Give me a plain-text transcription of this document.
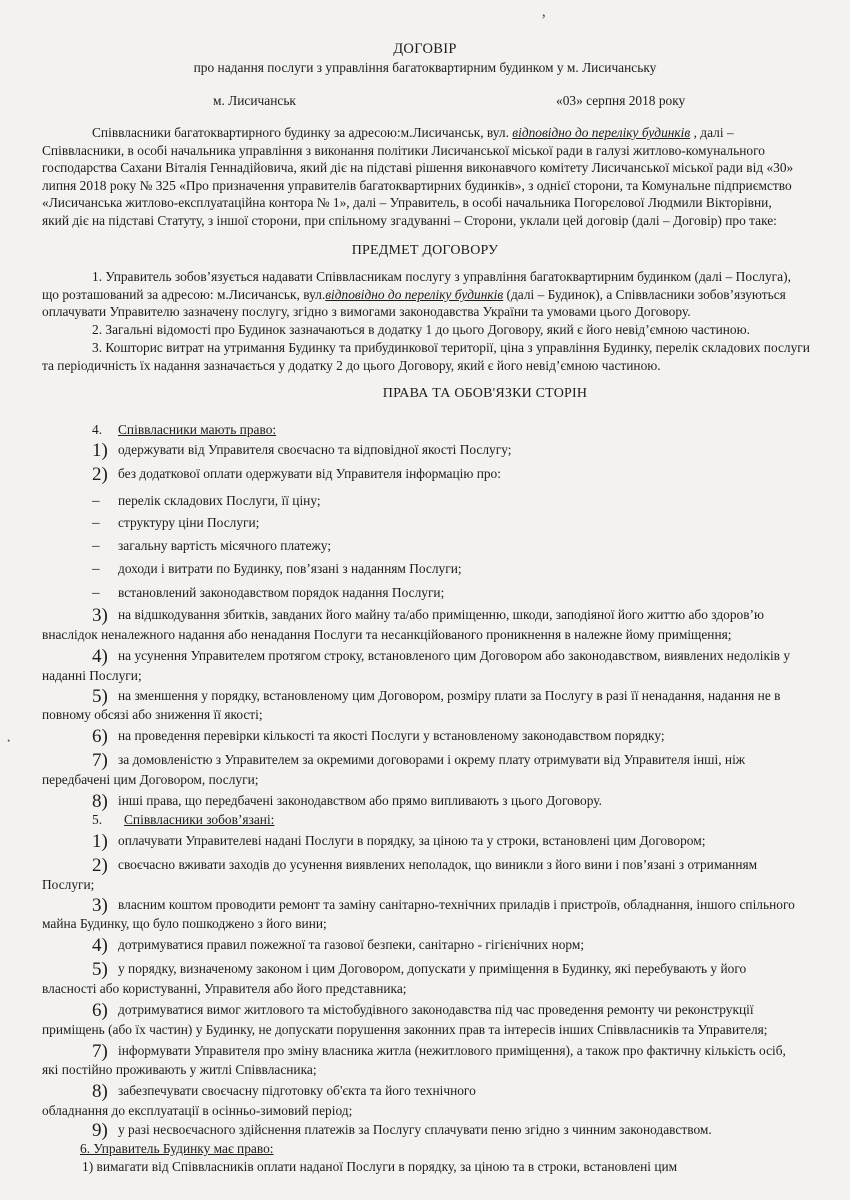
ДОГОВІР
про надання послуги з управління багатоквартирним будинком у м. Лисичанську
м. Лисичанськ	«03» серпня 2018 року
Співвласники багатоквартирного будинку за адресою:м.Лисичанськ, вул. відповідно до переліку будинків , далі –
Співвласники, в особі начальника управління з виконання політики Лисичанської міської ради в галузі житлово-комунального
господарства Сахани Віталія Геннадійовича, який діє на підставі рішення виконавчого комітету Лисичанської міської ради від «30»
липня 2018 року № 325 «Про призначення управителів багатоквартирних будинків», з однієї сторони, та Комунальне підприємство
«Лисичанська житлово-експлуатаційна контора № 1», далі – Управитель, в особі начальника Погорєлової Людмили Вікторівни,
який діє на підставі Статуту, з іншої сторони, при спільному згадуванні – Сторони, уклали цей договір (далі – Договір) про таке:
ПРЕДМЕТ ДОГОВОРУ
1. Управитель зобов’язується надавати Співвласникам послугу з управління багатоквартирним будинком (далі – Послуга),
що розташований за адресою: м.Лисичанськ, вул.відповідно до переліку будинків (далі – Будинок), а Співвласники зобов’язуються
оплачувати Управителю зазначену послугу, згідно з вимогами законодавства України та умовами цього Договору.
2. Загальні відомості про Будинок зазначаються в додатку 1 до цього Договору, який є його невід’ємною частиною.
3. Кошторис витрат на утримання Будинку та прибудинкової території, ціна з управління Будинку, перелік складових послуги
та періодичність їх надання зазначається у додатку 2 до цього Договору, який є його невід’ємною частиною.
ПРАВА ТА ОБОВ'ЯЗКИ СТОРІН
4. Співвласники мають право:
1) одержувати від Управителя своєчасно та відповідної якості Послугу;
2) без додаткової оплати одержувати від Управителя інформацію про:
– перелік складових Послуги, її ціну;
– структуру ціни Послуги;
– загальну вартість місячного платежу;
– доходи і витрати по Будинку, пов’язані з наданням Послуги;
– встановлений законодавством порядок надання Послуги;
3) на відшкодування збитків, завданих його майну та/або приміщенню, шкоди, заподіяної його життю або здоров’ю
внаслідок неналежного надання або ненадання Послуги та несанкційованого проникнення в належне йому приміщення;
4) на усунення Управителем протягом строку, встановленого цим Договором або законодавством, виявлених недоліків у
наданні Послуги;
5) на зменшення у порядку, встановленому цим Договором, розміру плати за Послугу в разі її ненадання, надання не в
повному обсязі або зниження її якості;
6) на проведення перевірки кількості та якості Послуги у встановленому законодавством порядку;
7) за домовленістю з Управителем за окремими договорами і окрему плату отримувати від Управителя інші, ніж
передбачені цим Договором, послуги;
8) інші права, що передбачені законодавством або прямо випливають з цього Договору.
5. Співвласники зобов’язані:
1) оплачувати Управителеві надані Послуги в порядку, за ціною та у строки, встановлені цим Договором;
2) своєчасно вживати заходів до усунення виявлених неполадок, що виникли з його вини і пов’язані з отриманням
Послуги;
3) власним коштом проводити ремонт та заміну санітарно-технічних приладів і пристроїв, обладнання, іншого спільного
майна Будинку, що було пошкоджено з його вини;
4) дотримуватися правил пожежної та газової безпеки, санітарно - гігієнічних норм;
5) у порядку, визначеному законом і цим Договором, допускати у приміщення в Будинку, які перебувають у його
власності або користуванні, Управителя або його представника;
6) дотримуватися вимог житлового та містобудівного законодавства під час проведення ремонту чи реконструкції
приміщень (або їх частин) у Будинку, не допускати порушення законних прав та інтересів інших Співвласників та Управителя;
7) інформувати Управителя про зміну власника житла (нежитлового приміщення), а також про фактичну кількість осіб,
які постійно проживають у житлі Співвласника;
8) забезпечувати своєчасну підготовку об'єкта та його технічного
обладнання до експлуатації в осінньо-зимовий період;
9) у разі несвоєчасного здійснення платежів за Послугу сплачувати пеню згідно з чинним законодавством.
6. Управитель Будинку має право:
1) вимагати від Співвласників оплати наданої Послуги в порядку, за ціною та в строки, встановлені цим
ʼ
·
